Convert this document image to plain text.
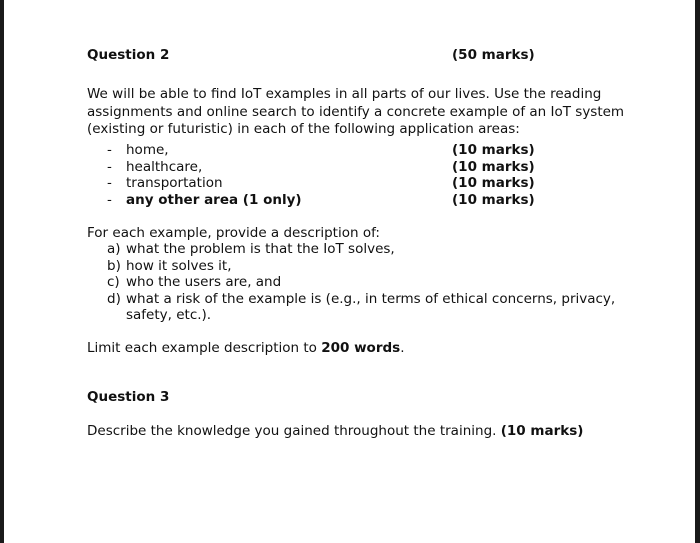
Question 2	(50 marks)
We will be able to find IoT examples in all parts of our lives. Use the reading assignments and online search to identify a concrete example of an IoT system (existing or futuristic) in each of the following application areas:
- home,	(10 marks)
- healthcare,	(10 marks)
- transportation	(10 marks)
- any other area (1 only)	(10 marks)
For each example, provide a description of:
a) what the problem is that the IoT solves,
b) how it solves it,
c) who the users are, and
d) what a risk of the example is (e.g., in terms of ethical concerns, privacy, safety, etc.).
Limit each example description to 200 words.
Question 3
Describe the knowledge you gained throughout the training. (10 marks)
